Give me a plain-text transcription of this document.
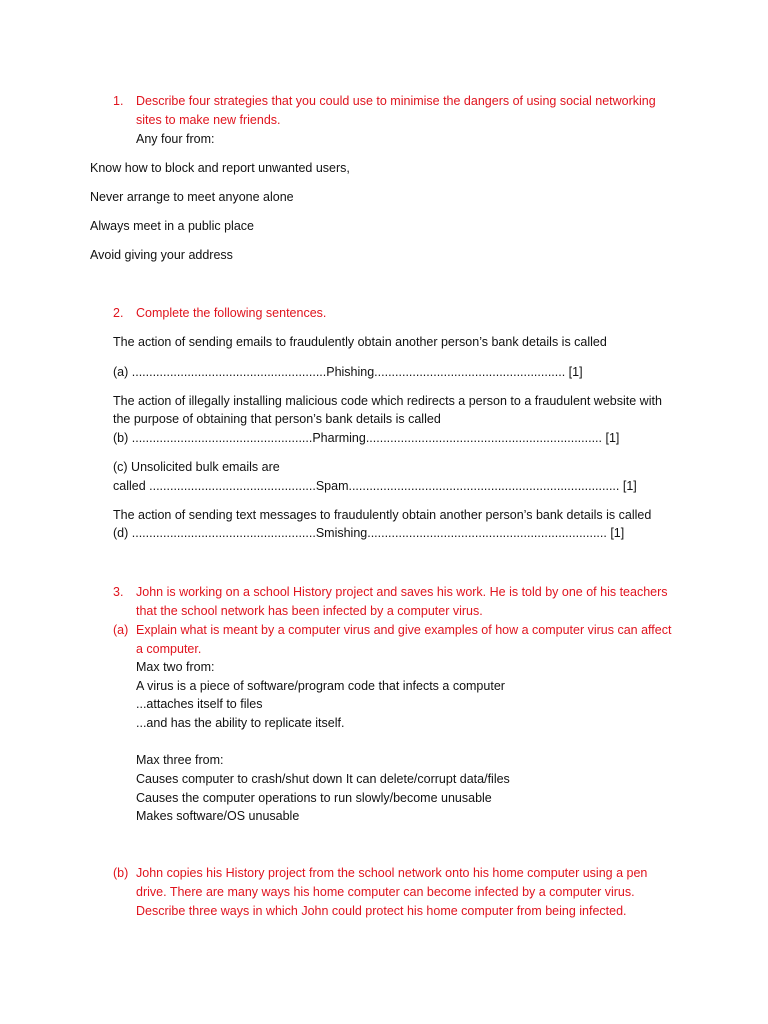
1. Describe four strategies that you could use to minimise the dangers of using social networking
sites to make new friends.
Any four from:
Know how to block and report unwanted users,
Never arrange to meet anyone alone
Always meet in a public place
Avoid giving your address
2. Complete the following sentences.
The action of sending emails to fraudulently obtain another person’s bank details is called
(a) ........................................................Phishing....................................................... [1]
The action of illegally installing malicious code which redirects a person to a fraudulent website with
the purpose of obtaining that person’s bank details is called
(b) ....................................................Pharming.................................................................... [1]
(c) Unsolicited bulk emails are
called ................................................Spam.............................................................................. [1]
The action of sending text messages to fraudulently obtain another person’s bank details is called
(d) .....................................................Smishing..................................................................... [1]
3. John is working on a school History project and saves his work. He is told by one of his teachers
that the school network has been infected by a computer virus.
(a) Explain what is meant by a computer virus and give examples of how a computer virus can affect
a computer.
Max two from:
A virus is a piece of software/program code that infects a computer
...attaches itself to files
...and has the ability to replicate itself.
Max three from:
Causes computer to crash/shut down It can delete/corrupt data/files
Causes the computer operations to run slowly/become unusable
Makes software/OS unusable
(b) John copies his History project from the school network onto his home computer using a pen
drive. There are many ways his home computer can become infected by a computer virus.
Describe three ways in which John could protect his home computer from being infected.
